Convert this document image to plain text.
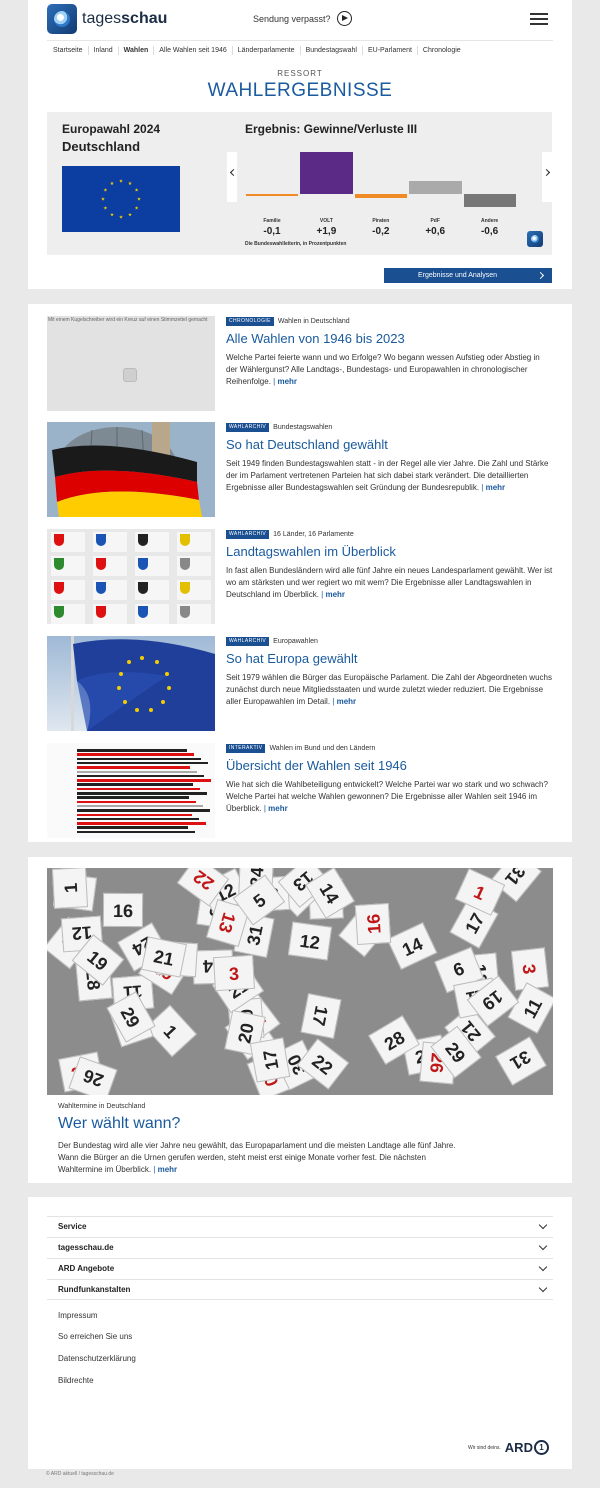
tagesschau	Sendung verpasst?
Startseite	Inland	Wahlen	Alle Wahlen seit 1946	Länderparlamente	Bundestagswahl	EU-Parlament	Chronologie
RESSORT
WAHLERGEBNISSE
Europawahl 2024
Deutschland
Ergebnis: Gewinne/Verluste III
Familie
-0,1
VOLT
+1,9
Piraten
-0,2
PdF
+0,6
Andere
-0,6
Die Bundeswahlleiterin, in Prozentpunkten
Ergebnisse und Analysen
Mit einem Kugelschreiber wird ein Kreuz auf einen Stimmzettel gemacht	CHRONOLOGIE	Wahlen in Deutschland
Alle Wahlen von 1946 bis 2023
Welche Partei feierte wann und wo Erfolge? Wo begann wessen Aufstieg oder Abstieg in der Wählergunst? Alle Landtags-, Bundestags- und Europawahlen in chronologischer Reihenfolge. | mehr
WAHLARCHIV	Bundestagswahlen
So hat Deutschland gewählt
Seit 1949 finden Bundestagswahlen statt - in der Regel alle vier Jahre. Die Zahl und Stärke der im Parlament vertretenen Parteien hat sich dabei stark verändert. Die detaillierten Ergebnisse aller Bundestagswahlen seit Gründung der Bundesrepublik. | mehr
WAHLARCHIV	16 Länder, 16 Parlamente
Landtagswahlen im Überblick
In fast allen Bundesländern wird alle fünf Jahre ein neues Landesparlament gewählt. Wer ist wo am stärksten und wer regiert wo mit wem? Die Ergebnisse aller Landtagswahlen in Deutschland im Überblick. | mehr
WAHLARCHIV	Europawahlen
So hat Europa gewählt
Seit 1979 wählen die Bürger das Europäische Parlament. Die Zahl der Abgeordneten wuchs zunächst durch neue Mitgliedsstaaten und wurde zuletzt wieder reduziert. Die Ergebnisse aller Europawahlen im Detail. | mehr
INTERAKTIV	Wahlen im Bund und den Ländern
Übersicht der Wahlen seit 1946
Wie hat sich die Wahlbeteiligung entwickelt? Welche Partei war wo stark und wo schwach? Welche Partei hat welche Wahlen gewonnen? Die Ergebnisse aller Wahlen seit 1946 im Überblick. | mehr
5
30
31
28
11
26
20
17
3
29
12
13
16
19
24
14
9
1
22
21
5
30
31
28
11
26
20
17
3
29
12
13
16
19
24
14
9
1
22
21
5
30
31
28
11
26
20
17
3
29
12
13
16
19
24
14
9
1
22
21
Wahltermine in Deutschland
Wer wählt wann?
Der Bundestag wird alle vier Jahre neu gewählt, das Europaparlament und die meisten Landtage alle fünf Jahre. Wann die Bürger an die Urnen gerufen werden, steht meist erst einige Monate vorher fest. Die nächsten Wahltermine im Überblick. | mehr
Service
tagesschau.de
ARD Angebote
Rundfunkanstalten
Impressum
So erreichen Sie uns
Datenschutzerklärung
Bildrechte
Wir sind deins. ARD 1
© ARD aktuell / tagesschau.de
